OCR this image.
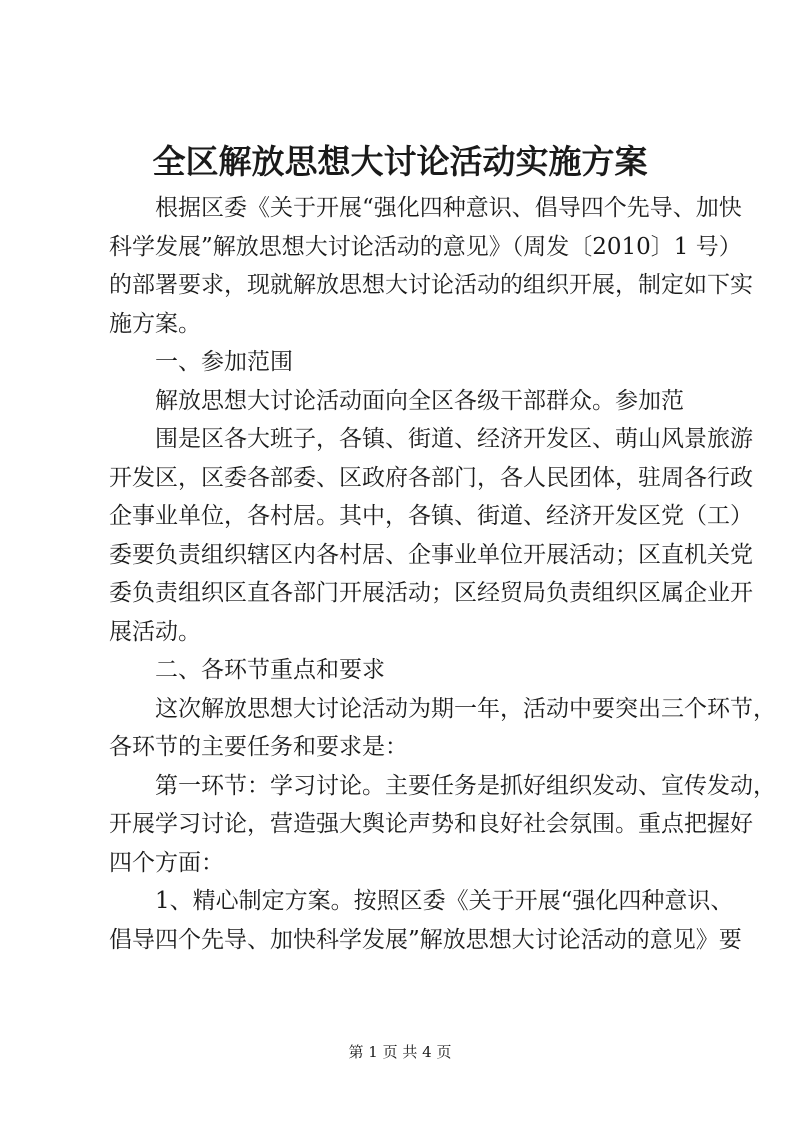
全区解放思想大讨论活动实施方案

根据区委《关于开展“强化四种意识、倡导四个先导、加快

科学发展”解放思想大讨论活动的意见》（周发〔2010〕1 号）

的部署要求，现就解放思想大讨论活动的组织开展，制定如下实

施方案。

一、参加范围

解放思想大讨论活动面向全区各级干部群众。参加范

围是区各大班子，各镇、街道、经济开发区、萌山风景旅游

开发区，区委各部委、区政府各部门，各人民团体，驻周各行政

企事业单位，各村居。其中，各镇、街道、经济开发区党（工）

委要负责组织辖区内各村居、企事业单位开展活动；区直机关党

委负责组织区直各部门开展活动；区经贸局负责组织区属企业开

展活动。

二、各环节重点和要求

这次解放思想大讨论活动为期一年，活动中要突出三个环节，

各环节的主要任务和要求是：

第一环节：学习讨论。主要任务是抓好组织发动、宣传发动，

开展学习讨论，营造强大舆论声势和良好社会氛围。重点把握好

四个方面：

1、精心制定方案。按照区委《关于开展“强化四种意识、

倡导四个先导、加快科学发展”解放思想大讨论活动的意见》要

第 1 页 共 4 页
